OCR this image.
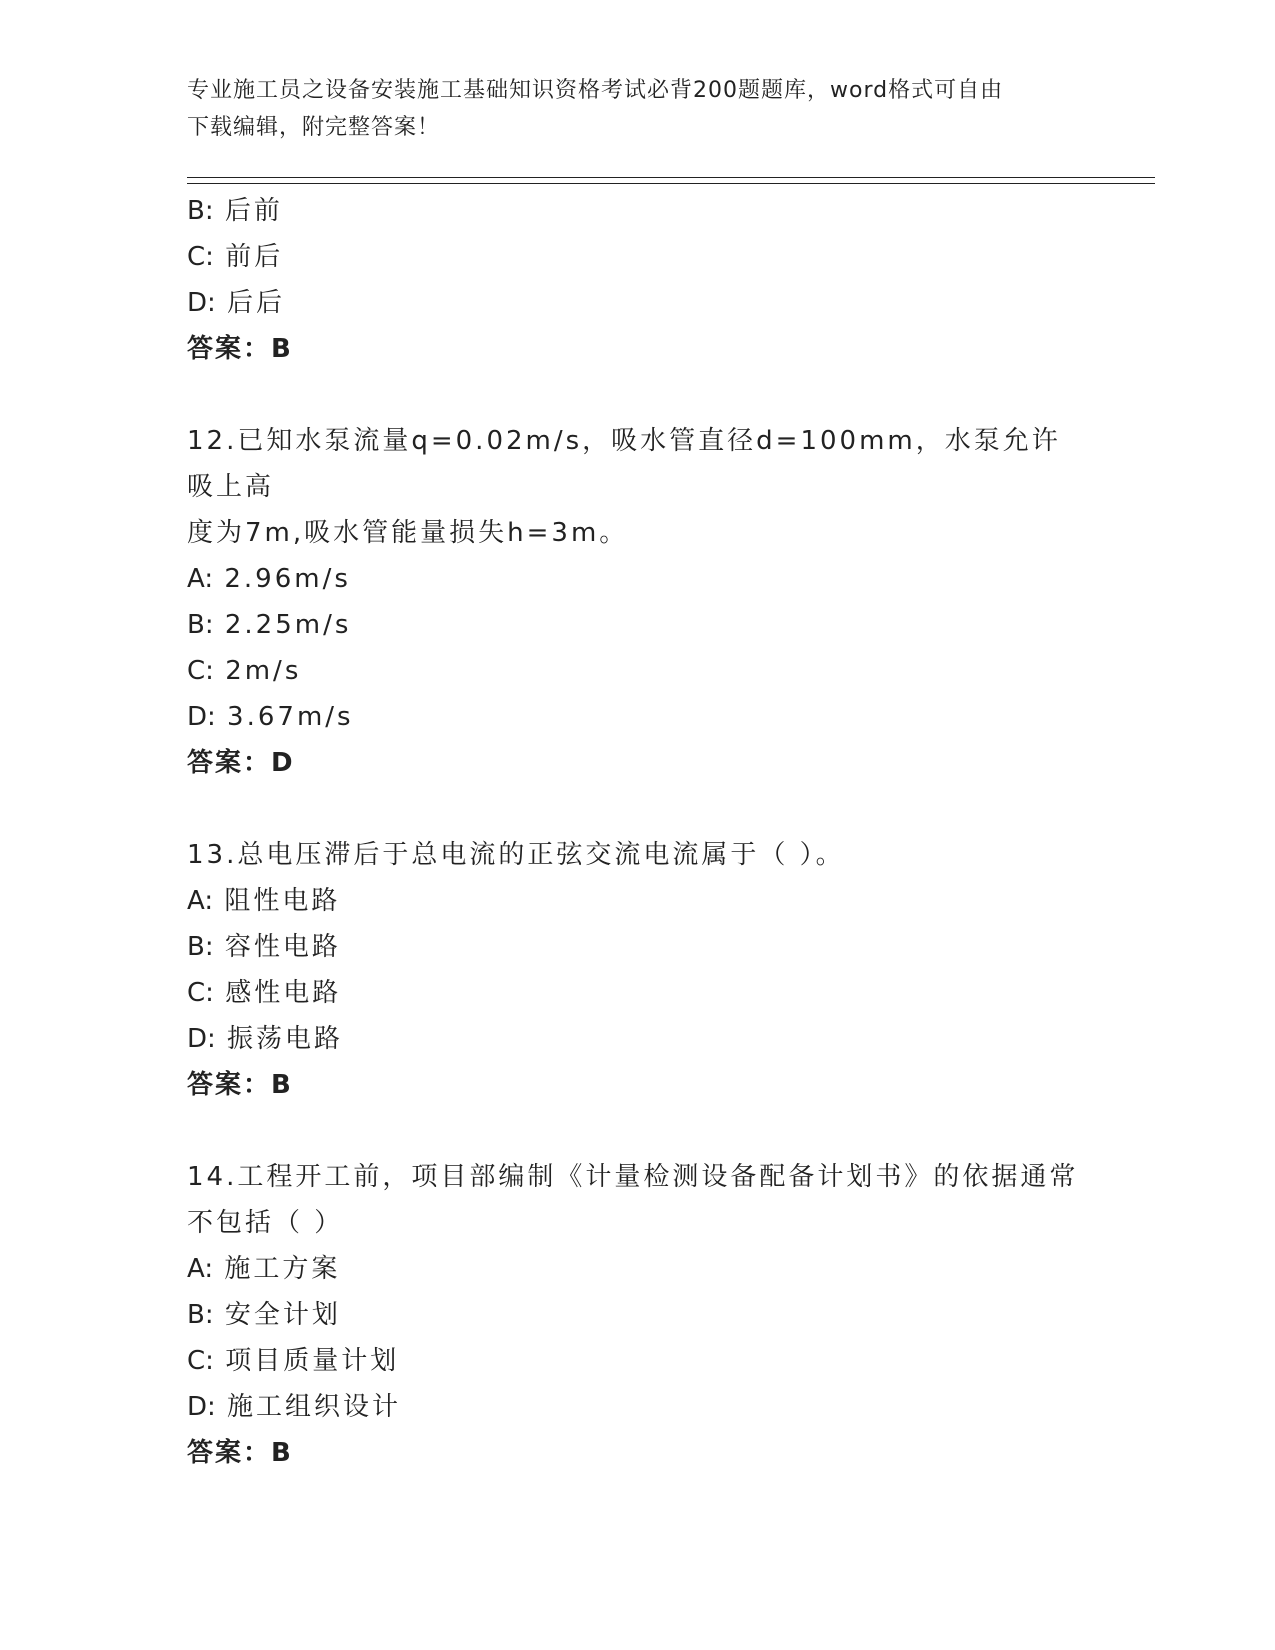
专业施工员之设备安装施工基础知识资格考试必背200题题库，word格式可自由
下载编辑，附完整答案！
B: 后前
C: 前后
D: 后后
答案：B
12.已知水泵流量q=0.02m/s，吸水管直径d=100mm，水泵允许吸上高
度为7m,吸水管能量损失h=3m。
A: 2.96m/s
B: 2.25m/s
C: 2m/s
D: 3.67m/s
答案：D
13.总电压滞后于总电流的正弦交流电流属于（ ）。
A: 阻性电路
B: 容性电路
C: 感性电路
D: 振荡电路
答案：B
14.工程开工前，项目部编制《计量检测设备配备计划书》的依据通常
不包括（ ）
A: 施工方案
B: 安全计划
C: 项目质量计划
D: 施工组织设计
答案：B
